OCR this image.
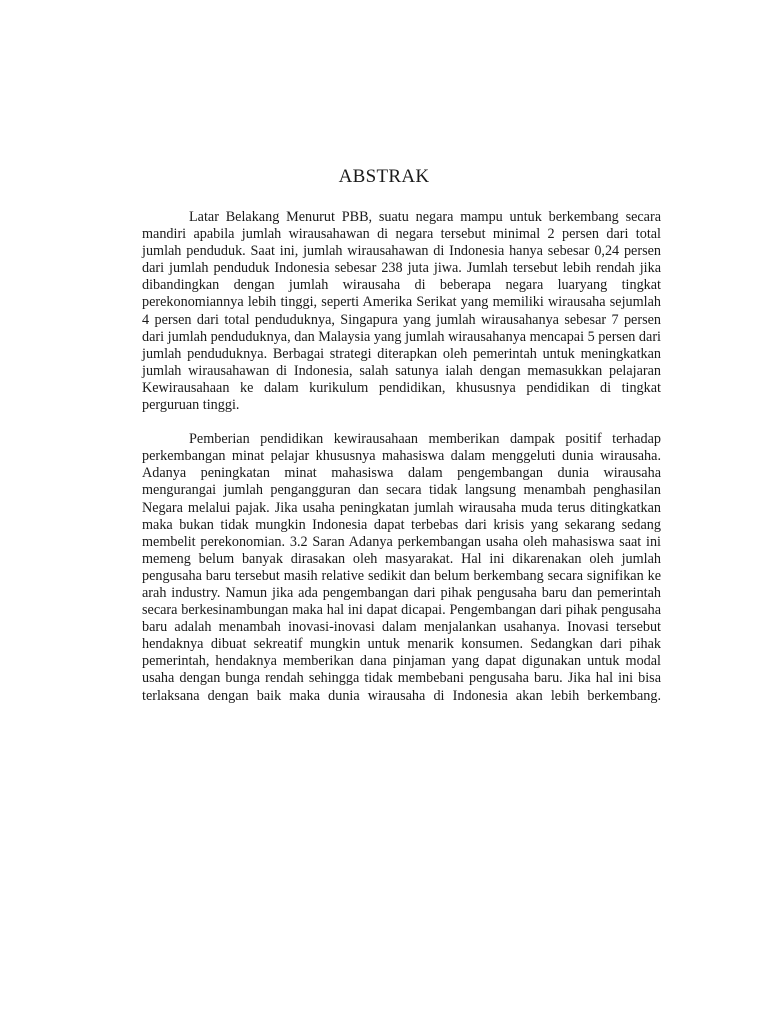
ABSTRAK

Latar Belakang Menurut PBB, suatu negara mampu untuk berkembang secara mandiri apabila jumlah wirausahawan di negara tersebut minimal 2 persen dari total jumlah penduduk. Saat ini, jumlah wirausahawan di Indonesia hanya sebesar 0,24 persen dari jumlah penduduk Indonesia sebesar 238 juta jiwa. Jumlah tersebut lebih rendah jika dibandingkan dengan jumlah wirausaha di beberapa negara luaryang tingkat perekonomiannya lebih tinggi, seperti Amerika Serikat yang memiliki wirausaha sejumlah 4 persen dari total penduduknya, Singapura yang jumlah wirausahanya sebesar 7 persen dari jumlah penduduknya, dan Malaysia yang jumlah wirausahanya mencapai 5 persen dari jumlah penduduknya. Berbagai strategi diterapkan oleh pemerintah untuk meningkatkan jumlah wirausahawan di Indonesia, salah satunya ialah dengan memasukkan pelajaran Kewirausahaan ke dalam kurikulum pendidikan, khususnya pendidikan di tingkat perguruan tinggi.

Pemberian pendidikan kewirausahaan memberikan dampak positif terhadap perkembangan minat pelajar khususnya mahasiswa dalam menggeluti dunia wirausaha. Adanya peningkatan minat mahasiswa dalam pengembangan dunia wirausaha mengurangai jumlah pengangguran dan secara tidak langsung menambah penghasilan Negara melalui pajak. Jika usaha peningkatan jumlah wirausaha muda terus ditingkatkan maka bukan tidak mungkin Indonesia dapat terbebas dari krisis yang sekarang sedang membelit perekonomian. 3.2 Saran Adanya perkembangan usaha oleh mahasiswa saat ini memeng belum banyak dirasakan oleh masyarakat. Hal ini dikarenakan oleh jumlah pengusaha baru tersebut masih relative sedikit dan belum berkembang secara signifikan ke arah industry. Namun jika ada pengembangan dari pihak pengusaha baru dan pemerintah secara berkesinambungan maka hal ini dapat dicapai. Pengembangan dari pihak pengusaha baru adalah menambah inovasi-inovasi dalam menjalankan usahanya. Inovasi tersebut hendaknya dibuat sekreatif mungkin untuk menarik konsumen. Sedangkan dari pihak pemerintah, hendaknya memberikan dana pinjaman yang dapat digunakan untuk modal usaha dengan bunga rendah sehingga tidak membebani pengusaha baru. Jika hal ini bisa terlaksana dengan baik maka dunia wirausaha di Indonesia akan lebih berkembang.
